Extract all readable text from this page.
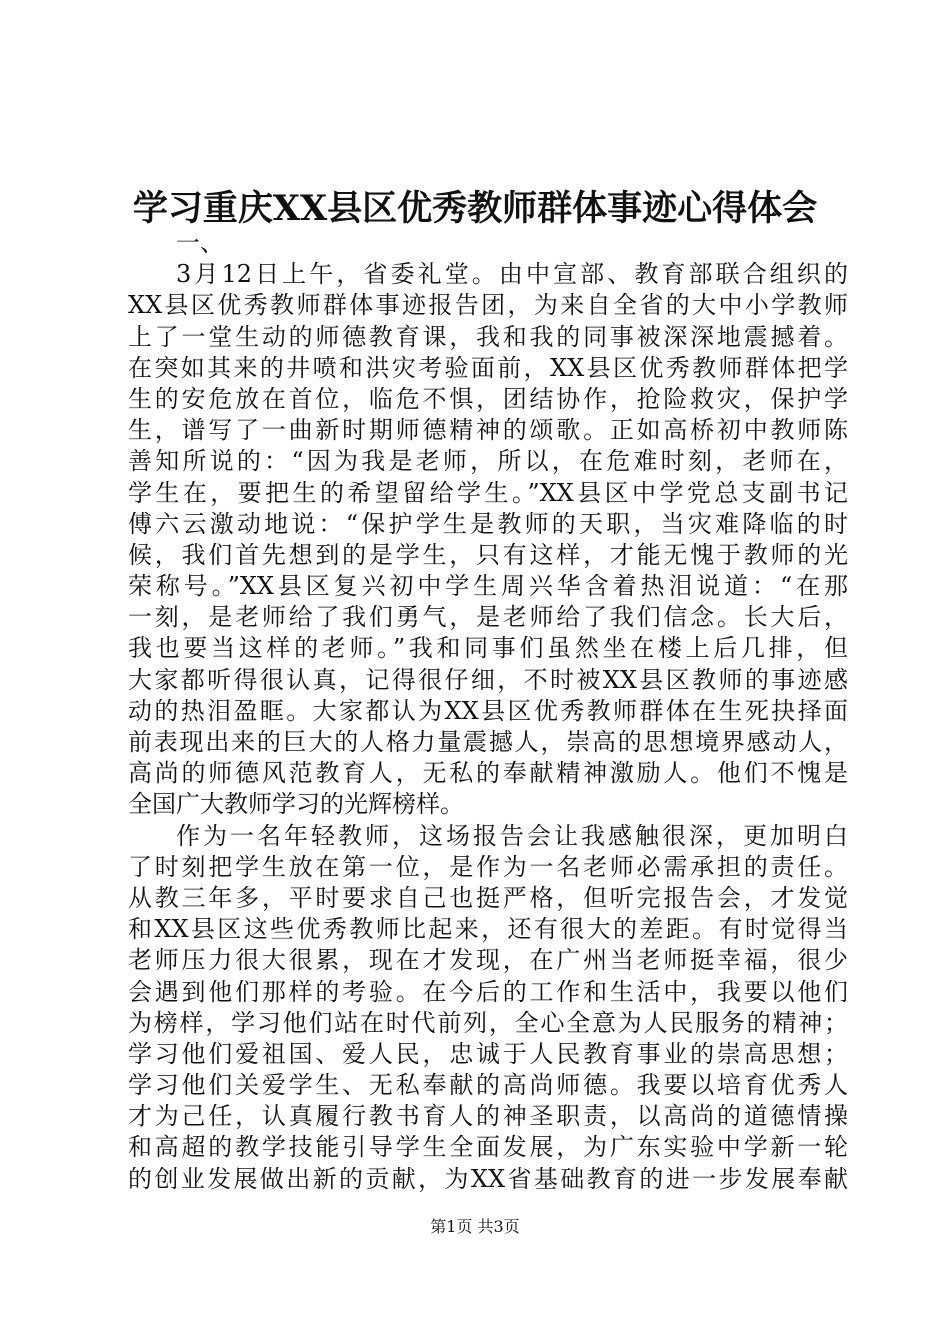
学习重庆XX县区优秀教师群体事迹心得体会
一、
3月12日上午，省委礼堂。由中宣部、教育部联合组织的
XX县区优秀教师群体事迹报告团，为来自全省的大中小学教师
上了一堂生动的师德教育课，我和我的同事被深深地震撼着。
在突如其来的井喷和洪灾考验面前，XX县区优秀教师群体把学
生的安危放在首位，临危不惧，团结协作，抢险救灾，保护学
生，谱写了一曲新时期师德精神的颂歌。正如高桥初中教师陈
善知所说的：“因为我是老师，所以，在危难时刻，老师在，
学生在，要把生的希望留给学生。”XX县区中学党总支副书记
傅六云激动地说：“保护学生是教师的天职，当灾难降临的时
候，我们首先想到的是学生，只有这样，才能无愧于教师的光
荣称号。”XX县区复兴初中学生周兴华含着热泪说道：“在那
一刻，是老师给了我们勇气，是老师给了我们信念。长大后，
我也要当这样的老师。”我和同事们虽然坐在楼上后几排，但
大家都听得很认真，记得很仔细，不时被XX县区教师的事迹感
动的热泪盈眶。大家都认为XX县区优秀教师群体在生死抉择面
前表现出来的巨大的人格力量震撼人，崇高的思想境界感动人，
高尚的师德风范教育人，无私的奉献精神激励人。他们不愧是
全国广大教师学习的光辉榜样。
作为一名年轻教师，这场报告会让我感触很深，更加明白
了时刻把学生放在第一位，是作为一名老师必需承担的责任。
从教三年多，平时要求自己也挺严格，但听完报告会，才发觉
和XX县区这些优秀教师比起来，还有很大的差距。有时觉得当
老师压力很大很累，现在才发现，在广州当老师挺幸福，很少
会遇到他们那样的考验。在今后的工作和生活中，我要以他们
为榜样，学习他们站在时代前列，全心全意为人民服务的精神；
学习他们爱祖国、爱人民，忠诚于人民教育事业的崇高思想；
学习他们关爱学生、无私奉献的高尚师德。我要以培育优秀人
才为己任，认真履行教书育人的神圣职责，以高尚的道德情操
和高超的教学技能引导学生全面发展，为广东实验中学新一轮
的创业发展做出新的贡献，为XX省基础教育的进一步发展奉献
第1页 共3页
